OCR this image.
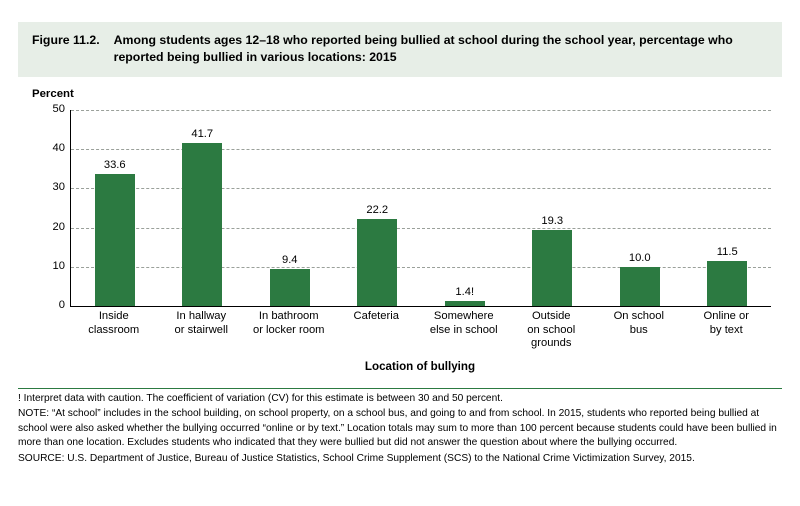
Figure 11.2.	Among students ages 12–18 who reported being bullied at school during the school year, percentage who reported being bullied in various locations: 2015
Percent
50
40
30
20
10
0
33.6
41.7
9.4
22.2
1.4!
19.3
10.0	11.5
Inside
classroom
In hallway
or stairwell
In bathroom
or locker room
Cafeteria	Somewhere
else in school
Outside
on school
grounds
On school
bus
Online or
by text
Location of bullying

! Interpret data with caution. The coefficient of variation (CV) for this estimate is between 30 and 50 percent.

NOTE: “At school” includes in the school building, on school property, on a school bus, and going to and from school. In 2015, students who reported being bullied at school were also asked whether the bullying occurred “online or by text.” Location totals may sum to more than 100 percent because students could have been bullied in more than one location. Excludes students who indicated that they were bullied but did not answer the question about where the bullying occurred.

SOURCE: U.S. Department of Justice, Bureau of Justice Statistics, School Crime Supplement (SCS) to the National Crime Victimization Survey, 2015.
